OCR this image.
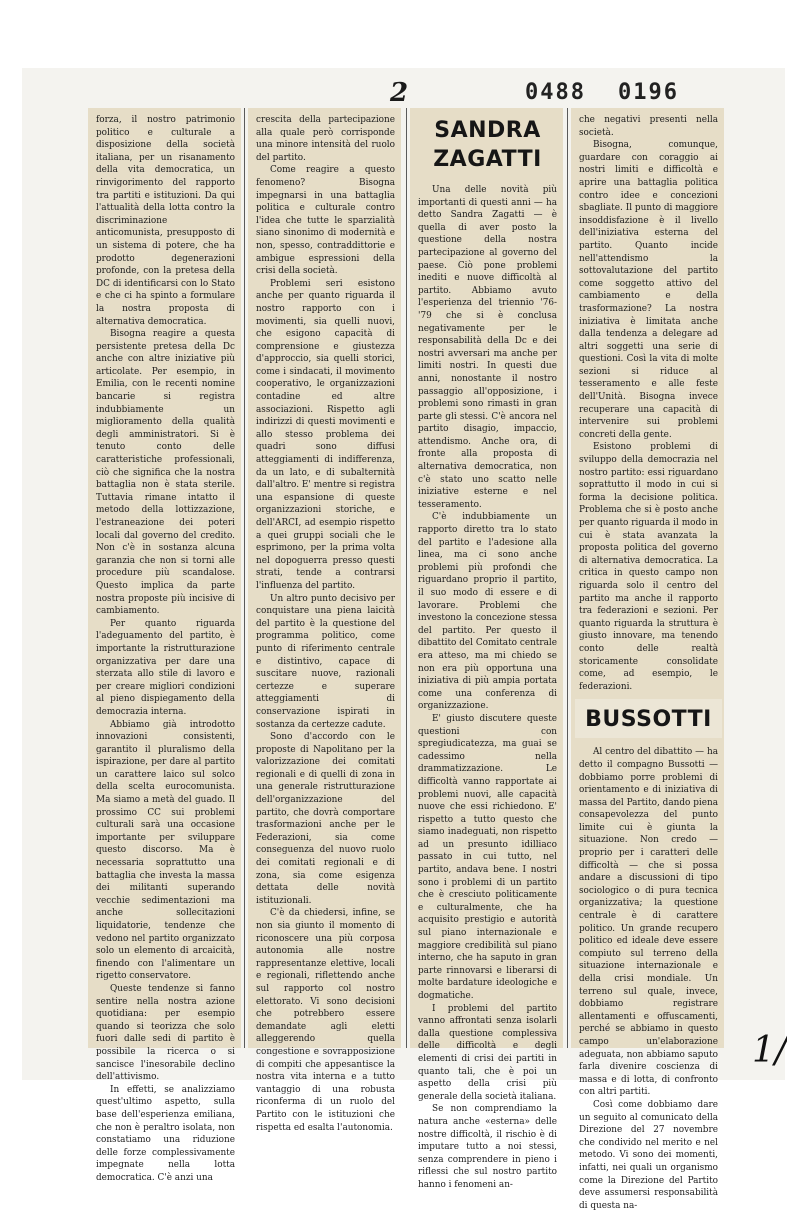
2	0488 0196

forza, il nostro patrimonio politico e culturale a disposizione della società italiana, per un risanamento della vita democratica, un rinvigorimento del rapporto tra partiti e istituzioni. Da qui l'attualità della lotta contro la discriminazione anticomunista, presupposto di un sistema di potere, che ha prodotto degenerazioni profonde, con la pretesa della DC di identificarsi con lo Stato e che ci ha spinto a formulare la nostra proposta di alternativa democratica.

Bisogna reagire a questa persistente pretesa della Dc anche con altre iniziative più articolate. Per esempio, in Emilia, con le recenti nomine bancarie si registra indubbiamente un miglioramento della qualità degli amministratori. Si è tenuto conto delle caratteristiche professionali, ciò che significa che la nostra battaglia non è stata sterile. Tuttavia rimane intatto il metodo della lottizzazione, l'estraneazione dei poteri locali dal governo del credito. Non c'è in sostanza alcuna garanzia che non si torni alle procedure più scandalose. Questo implica da parte nostra proposte più incisive di cambiamento.

Per quanto riguarda l'adeguamento del partito, è importante la ristrutturazione organizzativa per dare una sterzata allo stile di lavoro e per creare migliori condizioni al pieno dispiegamento della democrazia interna.

Abbiamo già introdotto innovazioni consistenti, garantito il pluralismo della ispirazione, per dare al partito un carattere laico sul solco della scelta eurocomunista. Ma siamo a metà del guado. Il prossimo CC sui problemi culturali sarà una occasione importante per sviluppare questo discorso. Ma è necessaria soprattutto una battaglia che investa la massa dei militanti superando vecchie sedimentazioni ma anche sollecitazioni liquidatorie, tendenze che vedono nel partito organizzato solo un elemento di arcaicità, finendo con l'alimentare un rigetto conservatore.

Queste tendenze si fanno sentire nella nostra azione quotidiana: per esempio quando si teorizza che solo fuori dalle sedi di partito è possibile la ricerca o si sancisce l'inesorabile declino dell'attivismo.

In effetti, se analizziamo quest'ultimo aspetto, sulla base dell'esperienza emiliana, che non è peraltro isolata, non constatiamo una riduzione delle forze complessivamente impegnate nella lotta democratica. C'è anzi una

crescita della partecipazione alla quale però corrisponde una minore intensità del ruolo del partito.

Come reagire a questo fenomeno? Bisogna impegnarsi in una battaglia politica e culturale contro l'idea che tutte le sparzialità siano sinonimo di modernità e non, spesso, contraddittorie e ambigue espressioni della crisi della società.

Problemi seri esistono anche per quanto riguarda il nostro rapporto con i movimenti, sia quelli nuovi, che esigono capacità di comprensione e giustezza d'approccio, sia quelli storici, come i sindacati, il movimento cooperativo, le organizzazioni contadine ed altre associazioni. Rispetto agli indirizzi di questi movimenti e allo stesso problema dei quadri sono diffusi atteggiamenti di indifferenza, da un lato, e di subalternità dall'altro. E' mentre si registra una espansione di queste organizzazioni storiche, e dell'ARCI, ad esempio rispetto a quei gruppi sociali che le esprimono, per la prima volta nel dopoguerra presso questi strati, tende a contrarsi l'influenza del partito.

Un altro punto decisivo per conquistare una piena laicità del partito è la questione del programma politico, come punto di riferimento centrale e distintivo, capace di suscitare nuove, razionali certezze e superare atteggiamenti di conservazione ispirati in sostanza da certezze cadute.

Sono d'accordo con le proposte di Napolitano per la valorizzazione dei comitati regionali e di quelli di zona in una generale ristrutturazione dell'organizzazione del partito, che dovrà comportare trasformazioni anche per le Federazioni, sia come conseguenza del nuovo ruolo dei comitati regionali e di zona, sia come esigenza dettata delle novità istituzionali.

C'è da chiedersi, infine, se non sia giunto il momento di riconoscere una più corposa autonomia alle nostre rappresentanze elettive, locali e regionali, riflettendo anche sul rapporto col nostro elettorato. Vi sono decisioni che potrebbero essere demandate agli eletti alleggerendo quella congestione e sovrapposizione di compiti che appesantisce la nostra vita interna e a tutto vantaggio di una robusta riconferma di un ruolo del Partito con le istituzioni che rispetta ed esalta l'autonomia.

SANDRA ZAGATTI

Una delle novità più importanti di questi anni — ha detto Sandra Zagatti — è quella di aver posto la questione della nostra partecipazione al governo del paese. Ciò pone problemi inediti e nuove difficoltà al partito. Abbiamo avuto l'esperienza del triennio '76-'79 che si è conclusa negativamente per le responsabilità della Dc e dei nostri avversari ma anche per limiti nostri. In questi due anni, nonostante il nostro passaggio all'opposizione, i problemi sono rimasti in gran parte gli stessi. C'è ancora nel partito disagio, impaccio, attendismo. Anche ora, di fronte alla proposta di alternativa democratica, non c'è stato uno scatto nelle iniziative esterne e nel tesseramento.

C'è indubbiamente un rapporto diretto tra lo stato del partito e l'adesione alla linea, ma ci sono anche problemi più profondi che riguardano proprio il partito, il suo modo di essere e di lavorare. Problemi che investono la concezione stessa del partito. Per questo il dibattito del Comitato centrale era atteso, ma mi chiedo se non era più opportuna una iniziativa di più ampia portata come una conferenza di organizzazione.

E' giusto discutere queste questioni con spregiudicatezza, ma guai se cadessimo nella drammatizzazione. Le difficoltà vanno rapportate ai problemi nuovi, alle capacità nuove che essi richiedono. E' rispetto a tutto questo che siamo inadeguati, non rispetto ad un presunto idilliaco passato in cui tutto, nel partito, andava bene. I nostri sono i problemi di un partito che è cresciuto politicamente e culturalmente, che ha acquisito prestigio e autorità sul piano internazionale e maggiore credibilità sul piano interno, che ha saputo in gran parte rinnovarsi e liberarsi di molte bardature ideologiche e dogmatiche.

I problemi del partito vanno affrontati senza isolarli dalla questione complessiva delle difficoltà e degli elementi di crisi dei partiti in quanto tali, che è poi un aspetto della crisi più generale della società italiana.

Se non comprendiamo la natura anche «esterna» delle nostre difficoltà, il rischio è di imputare tutto a noi stessi, senza comprendere in pieno i riflessi che sul nostro partito hanno i fenomeni an-

che negativi presenti nella società.

Bisogna, comunque, guardare con coraggio ai nostri limiti e difficoltà e aprire una battaglia politica contro idee e concezioni sbagliate. Il punto di maggiore insoddisfazione è il livello dell'iniziativa esterna del partito. Quanto incide nell'attendismo la sottovalutazione del partito come soggetto attivo del cambiamento e della trasformazione? La nostra iniziativa è limitata anche dalla tendenza a delegare ad altri soggetti una serie di questioni. Così la vita di molte sezioni si riduce al tesseramento e alle feste dell'Unità. Bisogna invece recuperare una capacità di intervenire sui problemi concreti della gente.

Esistono problemi di sviluppo della democrazia nel nostro partito: essi riguardano soprattutto il modo in cui si forma la decisione politica. Problema che si è posto anche per quanto riguarda il modo in cui è stata avanzata la proposta politica del governo di alternativa democratica. La critica in questo campo non riguarda solo il centro del partito ma anche il rapporto tra federazioni e sezioni. Per quanto riguarda la struttura è giusto innovare, ma tenendo conto delle realtà storicamente consolidate come, ad esempio, le federazioni.

BUSSOTTI

Al centro del dibattito — ha detto il compagno Bussotti — dobbiamo porre problemi di orientamento e di iniziativa di massa del Partito, dando piena consapevolezza del punto limite cui è giunta la situazione. Non credo — proprio per i caratteri delle difficoltà — che si possa andare a discussioni di tipo sociologico o di pura tecnica organizzativa; la questione centrale è di carattere politico. Un grande recupero politico ed ideale deve essere compiuto sul terreno della situazione internazionale e della crisi mondiale. Un terreno sul quale, invece, dobbiamo registrare allentamenti e offuscamenti, perché se abbiamo in questo campo un'elaborazione adeguata, non abbiamo saputo farla divenire coscienza di massa e di lotta, di confronto con altri partiti.

Così come dobbiamo dare un seguito al comunicato della Direzione del 27 novembre che condivido nel merito e nel metodo. Vi sono dei momenti, infatti, nei quali un organismo come la Direzione del Partito deve assumersi responsabilità di questa na-

1/
